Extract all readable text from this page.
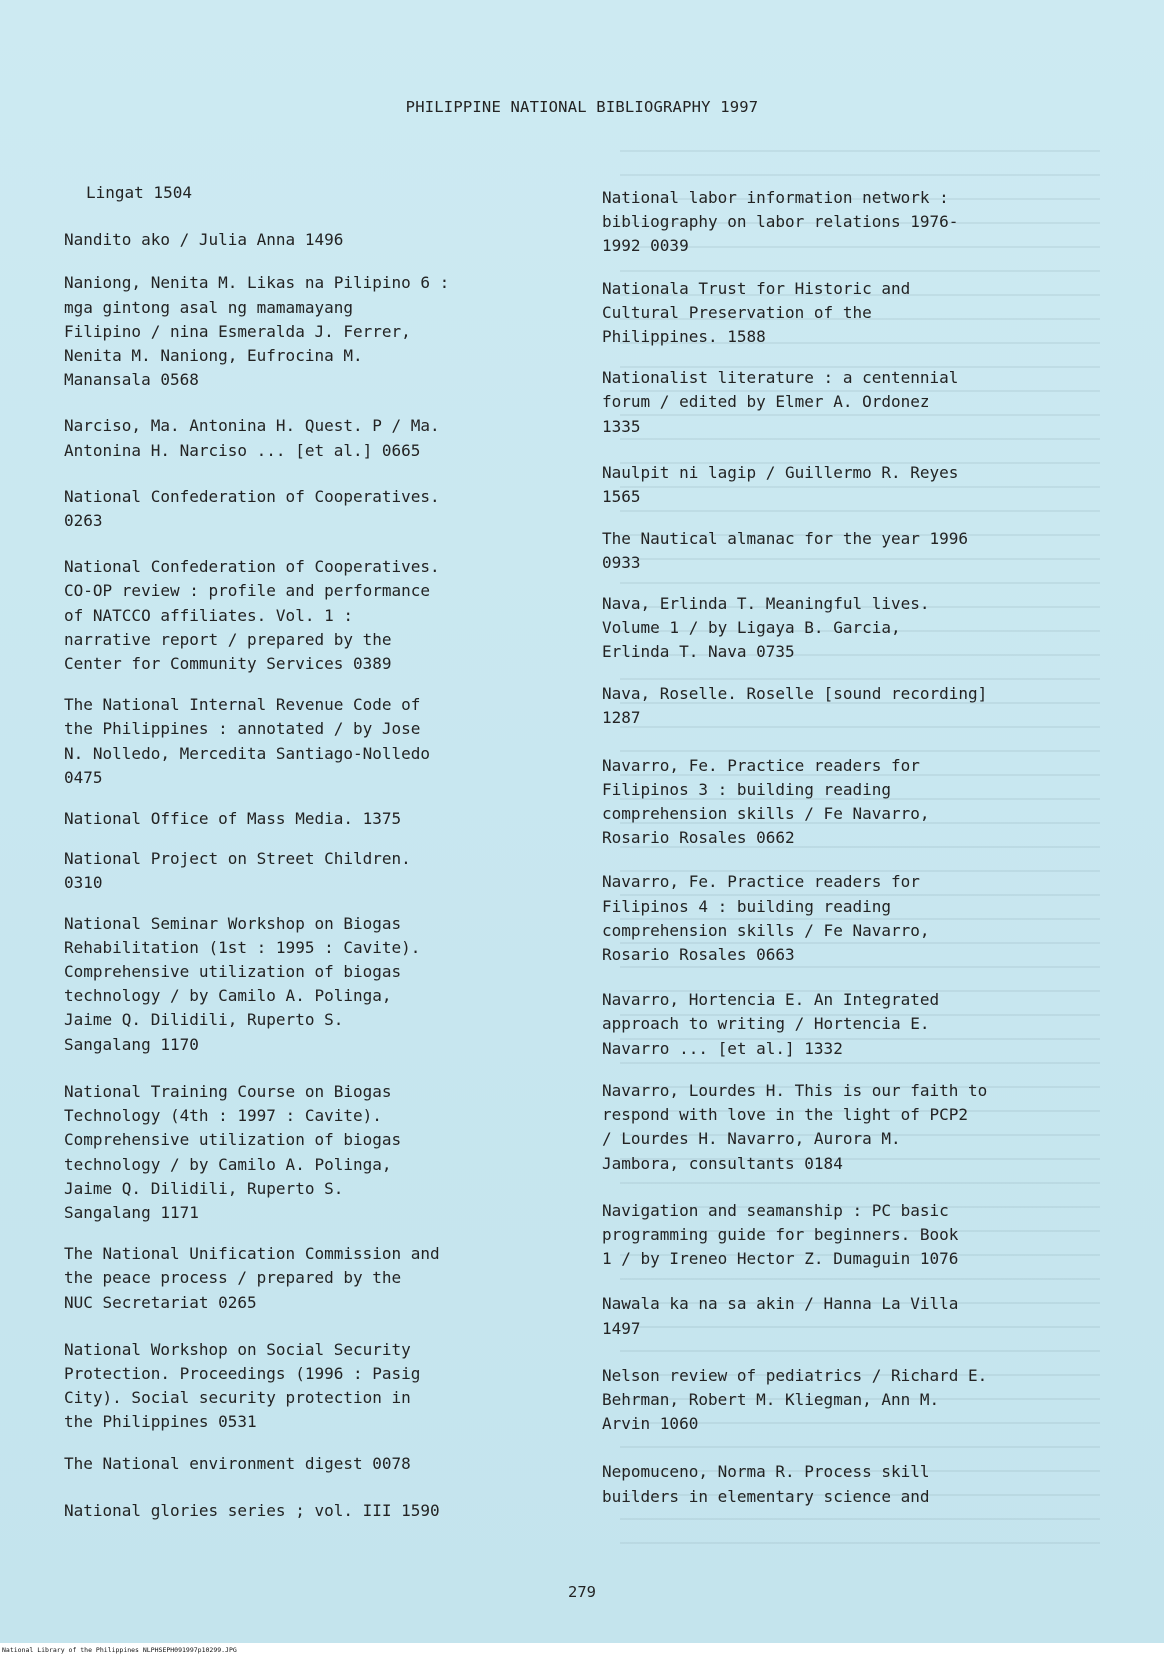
PHILIPPINE NATIONAL BIBLIOGRAPHY 1997
Lingat 1504
Nandito ako / Julia Anna 1496
Naniong, Nenita M. Likas na Pilipino 6 :
mga gintong asal ng mamamayang
Filipino / nina Esmeralda J. Ferrer,
Nenita M. Naniong, Eufrocina M.
Manansala 0568
Narciso, Ma. Antonina H. Quest. P / Ma.
Antonina H. Narciso ... [et al.] 0665
National Confederation of Cooperatives.
0263
National Confederation of Cooperatives.
CO-OP review : profile and performance
of NATCCO affiliates. Vol. 1 :
narrative report / prepared by the
Center for Community Services 0389
The National Internal Revenue Code of
the Philippines : annotated / by Jose
N. Nolledo, Mercedita Santiago-Nolledo
0475
National Office of Mass Media. 1375
National Project on Street Children.
0310
National Seminar Workshop on Biogas
Rehabilitation (1st : 1995 : Cavite).
Comprehensive utilization of biogas
technology / by Camilo A. Polinga,
Jaime Q. Dilidili, Ruperto S.
Sangalang 1170
National Training Course on Biogas
Technology (4th : 1997 : Cavite).
Comprehensive utilization of biogas
technology / by Camilo A. Polinga,
Jaime Q. Dilidili, Ruperto S.
Sangalang 1171
The National Unification Commission and
the peace process / prepared by the
NUC Secretariat 0265
National Workshop on Social Security
Protection. Proceedings (1996 : Pasig
City). Social security protection in
the Philippines 0531
The National environment digest 0078
National glories series ; vol. III 1590
National labor information network :
bibliography on labor relations 1976-
1992 0039
Nationala Trust for Historic and
Cultural Preservation of the
Philippines. 1588
Nationalist literature : a centennial
forum / edited by Elmer A. Ordonez
1335
Naulpit ni lagip / Guillermo R. Reyes
1565
The Nautical almanac for the year 1996
0933
Nava, Erlinda T. Meaningful lives.
Volume 1 / by Ligaya B. Garcia,
Erlinda T. Nava 0735
Nava, Roselle. Roselle [sound recording]
1287
Navarro, Fe. Practice readers for
Filipinos 3 : building reading
comprehension skills / Fe Navarro,
Rosario Rosales 0662
Navarro, Fe. Practice readers for
Filipinos 4 : building reading
comprehension skills / Fe Navarro,
Rosario Rosales 0663
Navarro, Hortencia E. An Integrated
approach to writing / Hortencia E.
Navarro ... [et al.] 1332
Navarro, Lourdes H. This is our faith to
respond with love in the light of PCP2
/ Lourdes H. Navarro, Aurora M.
Jambora, consultants 0184
Navigation and seamanship : PC basic
programming guide for beginners. Book
1 / by Ireneo Hector Z. Dumaguin 1076
Nawala ka na sa akin / Hanna La Villa
1497
Nelson review of pediatrics / Richard E.
Behrman, Robert M. Kliegman, Ann M.
Arvin 1060
Nepomuceno, Norma R. Process skill
builders in elementary science and
279
National Library of the Philippines NLPHSEPH091997p10299.JPG
